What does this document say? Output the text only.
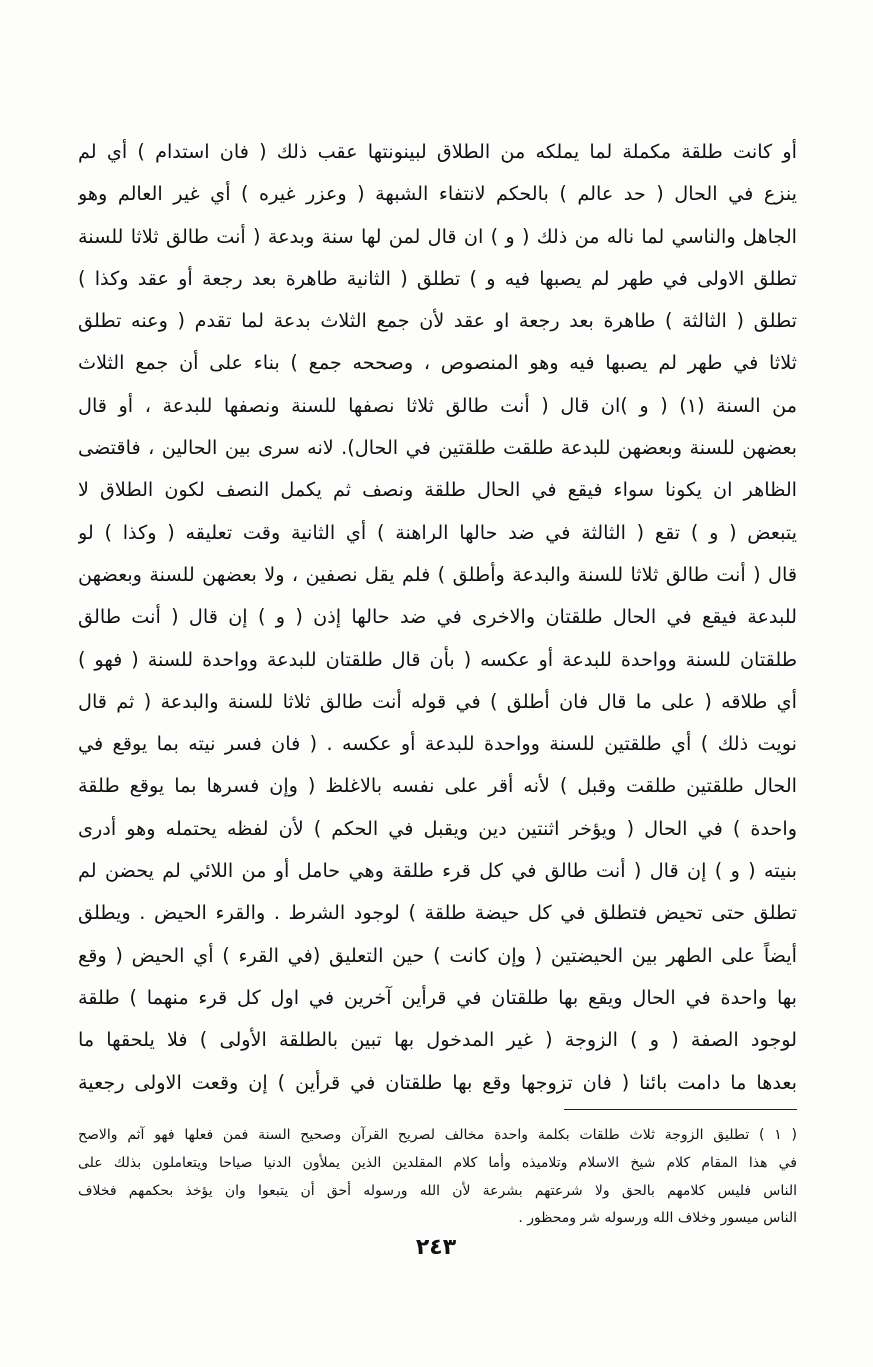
أو كانت طلقة مكملة لما يملكه من الطلاق لبينونتها عقب ذلك ( فان استدام ) أي لم
ينزع في الحال ( حد عالم ) بالحكم لانتفاء الشبهة ( وعزر غيره ) أي غير العالم وهو
الجاهل والناسي لما ناله من ذلك ( و ) ان قال لمن لها سنة وبدعة ( أنت طالق ثلاثا للسنة
تطلق الاولى في طهر لم يصبها فيه و ) تطلق ( الثانية طاهرة بعد رجعة أو عقد وكذا )
تطلق ( الثالثة ) طاهرة بعد رجعة او عقد لأن جمع الثلاث بدعة لما تقدم ( وعنه تطلق
ثلاثا في طهر لم يصبها فيه وهو المنصوص ، وصححه جمع ) بناء على أن جمع الثلاث
من السنة (١) ( و )ان قال ( أنت طالق ثلاثا نصفها للسنة ونصفها للبدعة ، أو قال
بعضهن للسنة وبعضهن للبدعة طلقت طلقتين في الحال). لانه سرى بين الحالين ، فاقتضى
الظاهر ان يكونا سواء فيقع في الحال طلقة ونصف ثم يكمل النصف لكون الطلاق لا
يتبعض ( و ) تقع ( الثالثة في ضد حالها الراهنة ) أي الثانية وقت تعليقه ( وكذا ) لو
قال ( أنت طالق ثلاثا للسنة والبدعة وأطلق ) فلم يقل نصفين ، ولا بعضهن للسنة وبعضهن
للبدعة فيقع في الحال طلقتان والاخرى في ضد حالها إذن ( و ) إن قال ( أنت طالق
طلقتان للسنة وواحدة للبدعة أو عكسه ( بأن قال طلقتان للبدعة وواحدة للسنة ( فهو )
أي طلاقه ( على ما قال فان أطلق ) في قوله أنت طالق ثلاثا للسنة والبدعة ( ثم قال
نويت ذلك ) أي طلقتين للسنة وواحدة للبدعة أو عكسه . ( فان فسر نيته بما يوقع في
الحال طلقتين طلقت وقبل ) لأنه أقر على نفسه بالاغلظ ( وإن فسرها بما يوقع طلقة
واحدة ) في الحال ( ويؤخر اثنتين دين ويقبل في الحكم ) لأن لفظه يحتمله وهو أدرى
بنيته ( و ) إن قال ( أنت طالق في كل قرء طلقة وهي حامل أو من اللائي لم يحضن لم
تطلق حتى تحيض فتطلق في كل حيضة طلقة ) لوجود الشرط . والقرء الحيض . ويطلق
أيضاً على الطهر بين الحيضتين ( وإن كانت ) حين التعليق (في القرء ) أي الحيض ( وقع
بها واحدة في الحال ويقع بها طلقتان في قرأين آخرين في اول كل قرء منهما ) طلقة
لوجود الصفة ( و ) الزوجة ( غير المدخول بها تبين بالطلقة الأولى ) فلا يلحقها ما
بعدها ما دامت بائنا ( فان تزوجها وقع بها طلقتان في قرأين ) إن وقعت الاولى رجعية
( ١ ) تطليق الزوجة ثلاث طلقات بكلمة واحدة مخالف لصريح القرآن وصحيح السنة فمن فعلها فهو آثم والاصح
في هذا المقام كلام شيخ الاسلام وتلاميذه وأما كلام المقلدين الذين يملأون الدنيا صياحا ويتعاملون بذلك على
الناس فليس كلامهم بالحق ولا شرعتهم بشرعة لأن الله ورسوله أحق أن يتبعوا وان يؤخذ بحكمهم فخلاف
الناس ميسور وخلاف الله ورسوله شر ومحظور .
٢٤٣
